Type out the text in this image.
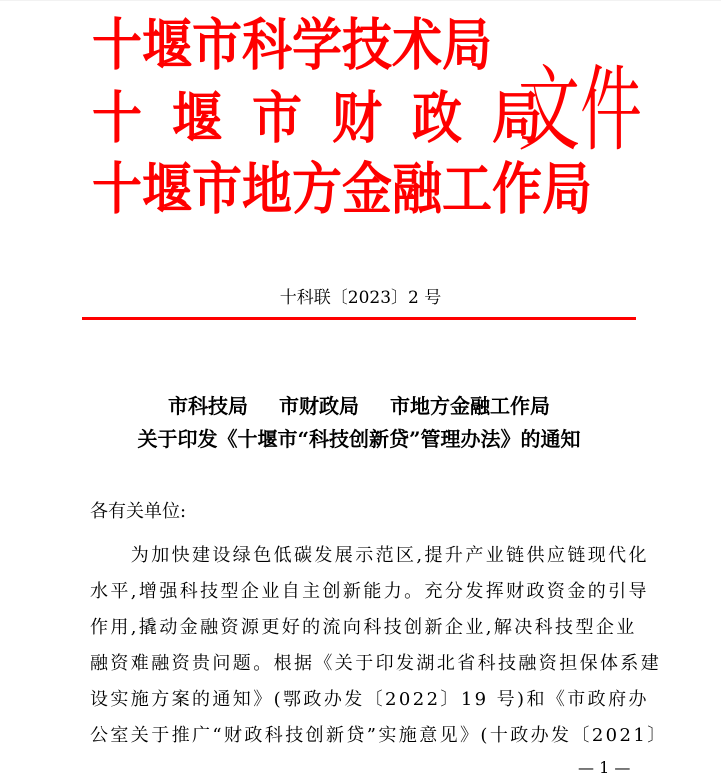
十堰市科学技术局
十堰市财政局
十堰市地方金融工作局
文件
十科联〔2023〕2 号
市科技局 市财政局 市地方金融工作局
关于印发《十堰市“科技创新贷”管理办法》的通知
各有关单位:
　　为加快建设绿色低碳发展示范区,提升产业链供应链现代化
水平,增强科技型企业自主创新能力。充分发挥财政资金的引导
作用,撬动金融资源更好的流向科技创新企业,解决科技型企业
融资难融资贵问题。根据《关于印发湖北省科技融资担保体系建
设实施方案的通知》(鄂政办发〔2022〕19 号)和《市政府办
公室关于推广“财政科技创新贷”实施意见》(十政办发〔2021〕
— 1 —
